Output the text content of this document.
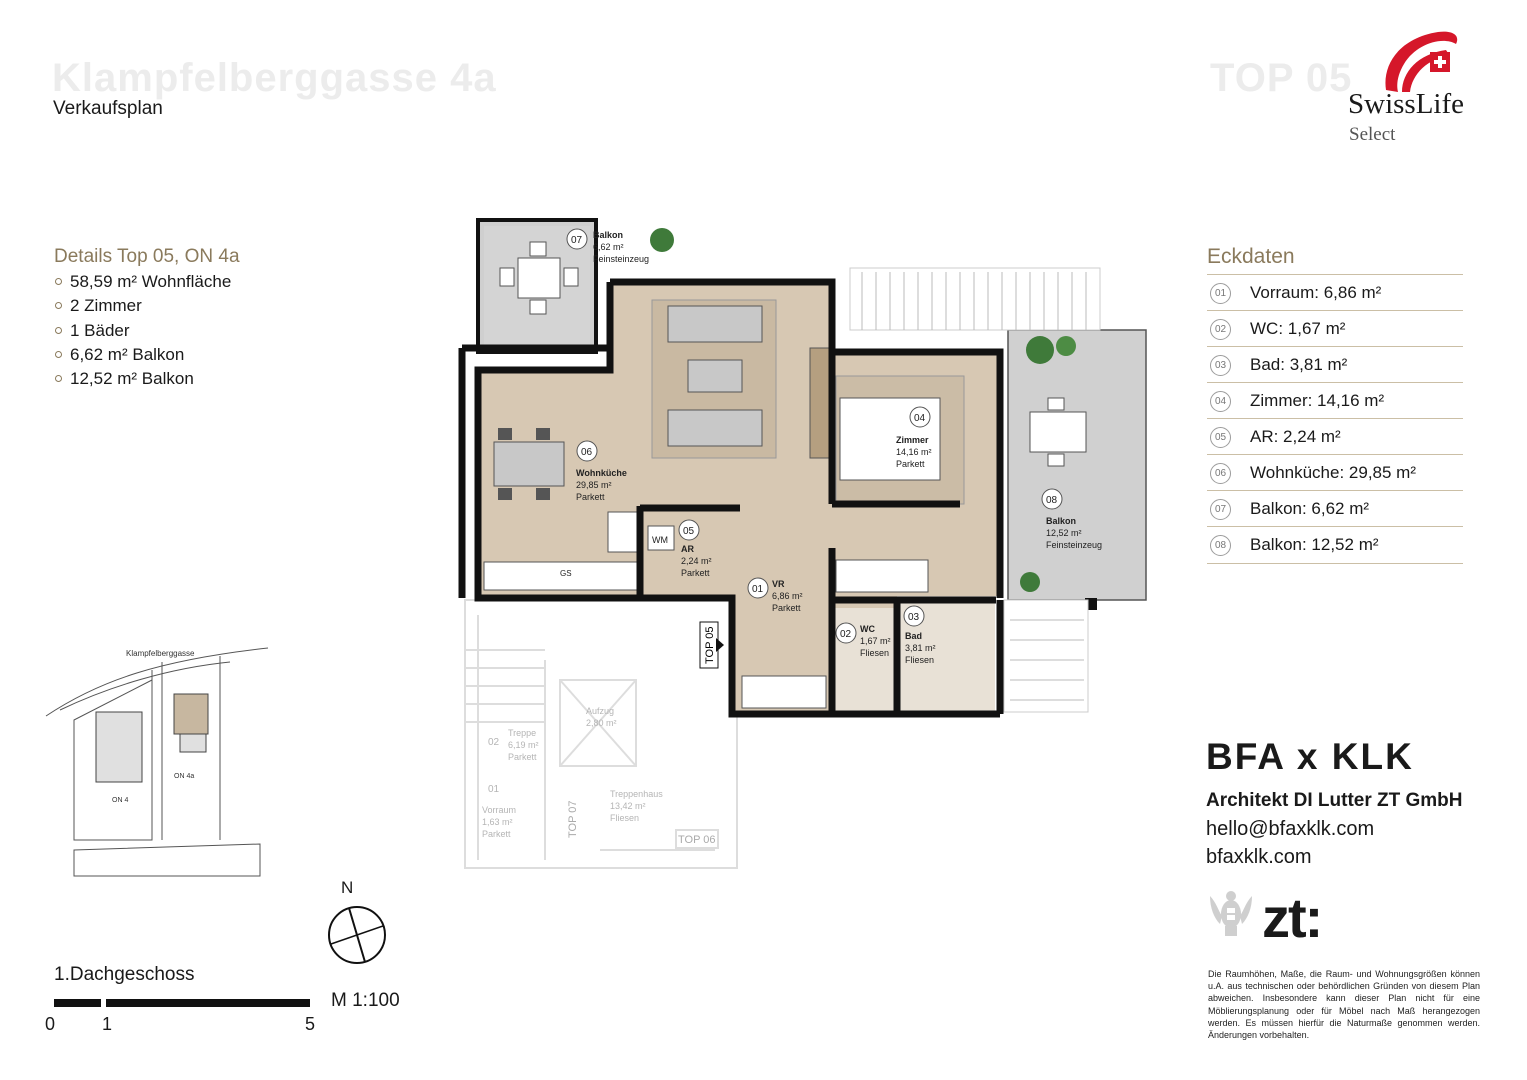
Klampfelberggasse 4a	TOP 05
Verkaufsplan	SwissLife
Select
Details Top 05, ON 4a
58,59 m² Wohnfläche
2 Zimmer
1 Bäder
6,62 m² Balkon
12,52 m² Balkon
Eckdaten
01 Vorraum: 6,86 m²
02 WC: 1,67 m²
03 Bad: 3,81 m²
04 Zimmer: 14,16 m²
05 AR: 2,24 m²
06 Wohnküche: 29,85 m²
07 Balkon: 6,62 m²
08 Balkon: 12,52 m²
07 Balkon
6,62 m²
Feinsteinzeug
06
Wohnküche
29,85 m²
Parkett
04
Zimmer
14,16 m²
Parkett
08
Balkon
12,52 m²
Feinsteinzeug
WM
05
AR
2,24 m²
Parkett
GS
01 VR
6,86 m²
Parkett
02 WC
1,67 m²
Fliesen
03
Bad
3,81 m²
Fliesen
TOP 05
TOP 06
TOP 07
Aufzug
2,80 m²
02
Treppe
6,19 m²
Parkett
01
Vorraum
1,63 m²
Parkett
Treppenhaus
13,42 m²
Fliesen
Klampfelberggasse
ON 4
ON 4a
N
1.Dachgeschoss
0	1	5
M 1:100
BFA x KLK
Architekt DI Lutter ZT GmbH
hello@bfaxklk.com
bfaxklk.com
zt:
Die Raumhöhen, Maße, die Raum- und Wohnungsgrößen können u.A. aus technischen oder behördlichen Gründen von diesem Plan abweichen. Insbesondere kann dieser Plan nicht für eine Möblierungsplanung oder für Möbel nach Maß herangezogen werden. Es müssen hierfür die Naturmaße genommen werden. Änderungen vorbehalten.
